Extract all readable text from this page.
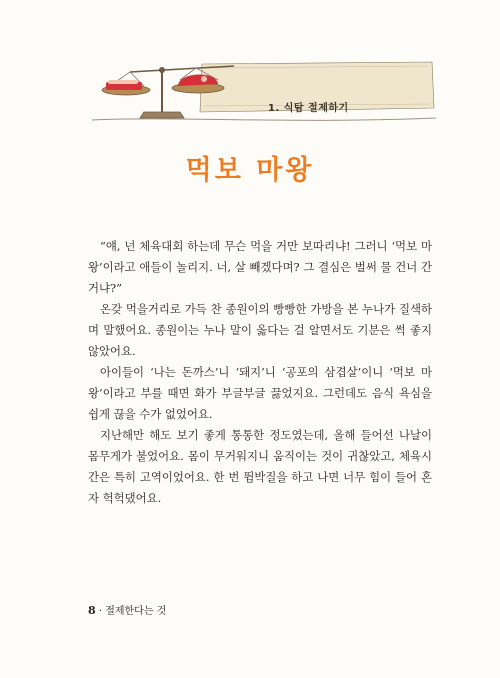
1. 식탐 절제하기
먹보 마왕

“얘, 넌 체육대회 하는데 무슨 먹을 거만 보따리냐! 그러니 ‘먹보 마왕’이라고 애들이 놀리지. 너, 살 빼겠다며? 그 결심은 벌써 물 건너 간 거냐?”

온갖 먹을거리로 가득 찬 종원이의 빵빵한 가방을 본 누나가 질색하며 말했어요. 종원이는 누나 말이 옳다는 걸 알면서도 기분은 썩 좋지 않았어요.

아이들이 ‘나는 돈까스’니 ‘돼지’니 ‘공포의 삼겹살’이니 ‘먹보 마왕’이라고 부를 때면 화가 부글부글 끓었지요. 그런데도 음식 욕심을 쉽게 끊을 수가 없었어요.

지난해만 해도 보기 좋게 통통한 정도였는데, 올해 들어선 나날이 몸무게가 불었어요. 몸이 무거워지니 움직이는 것이 귀찮았고, 체육시간은 특히 고역이었어요. 한 번 뜀박질을 하고 나면 너무 힘이 들어 혼자 헉헉댔어요.

8 · 절제한다는 것
